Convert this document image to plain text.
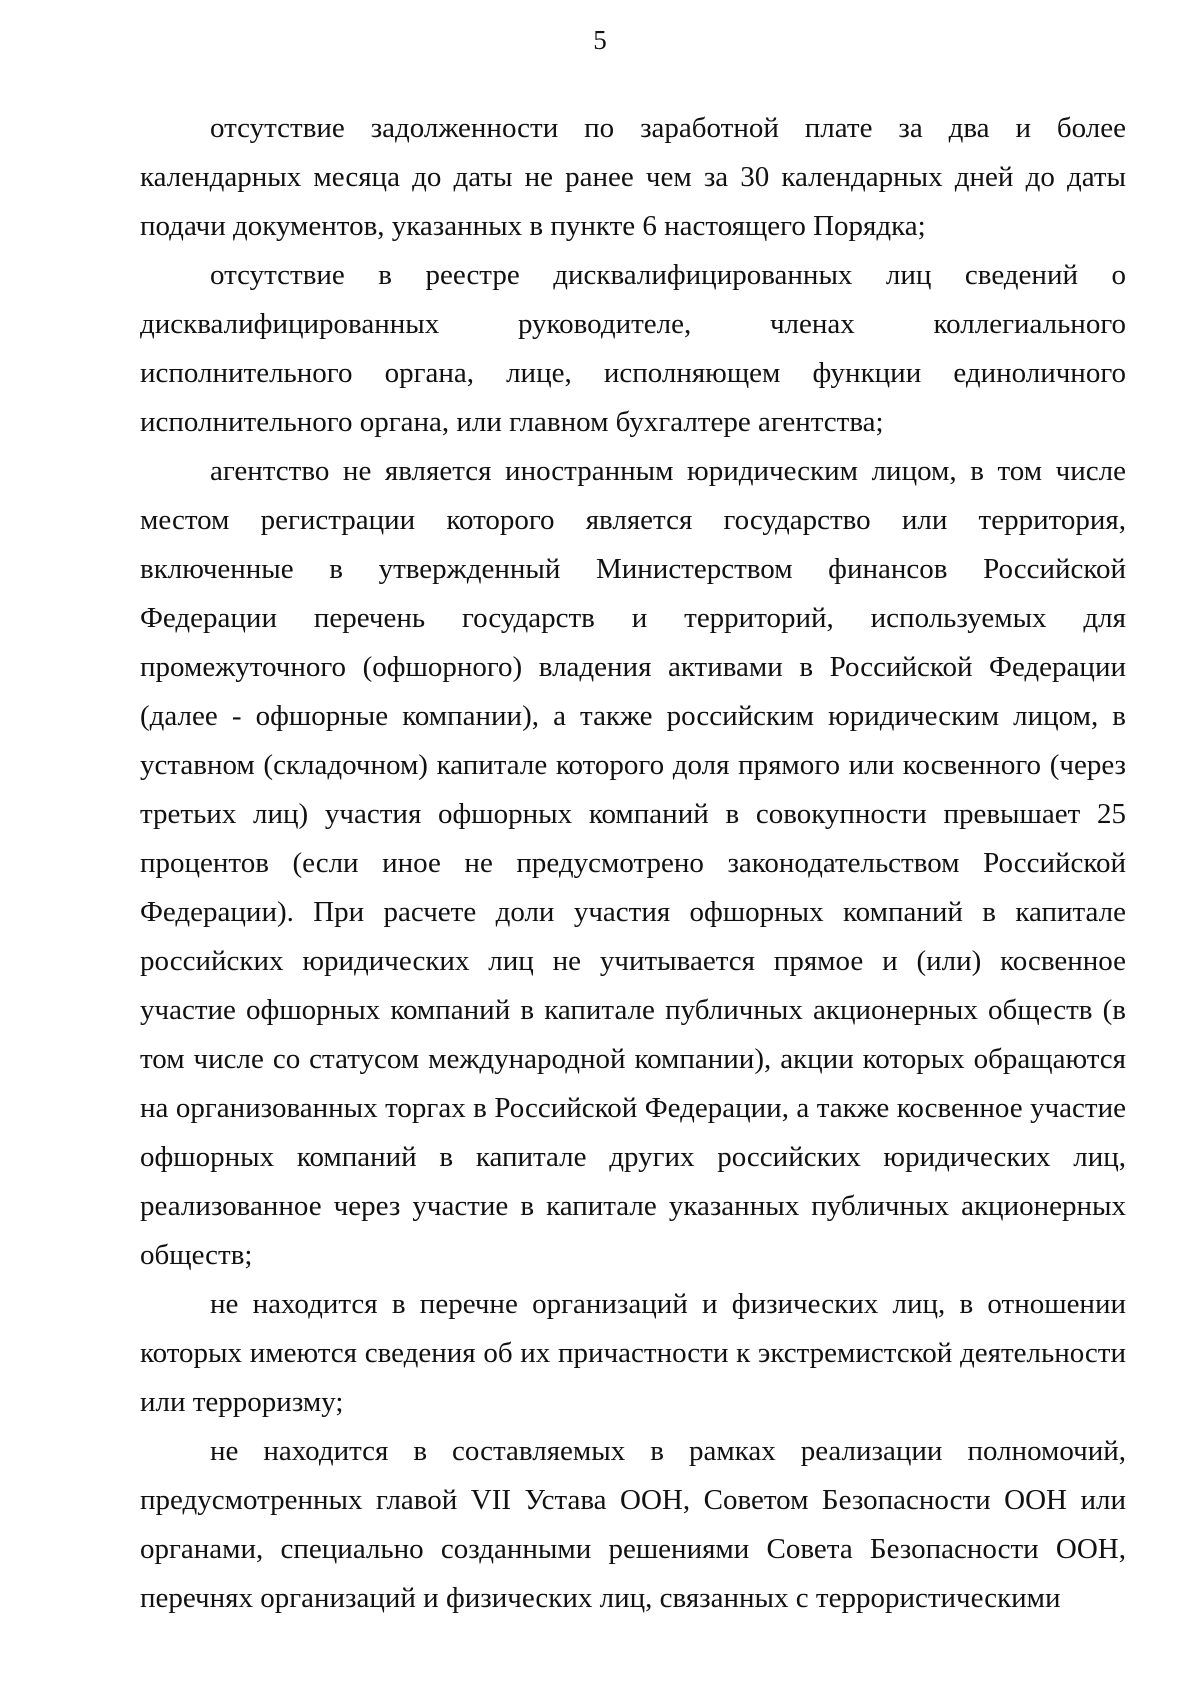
5

отсутствие задолженности по заработной плате за два и более календарных месяца до даты не ранее чем за 30 календарных дней до даты подачи документов, указанных в пункте 6 настоящего Порядка;

отсутствие в реестре дисквалифицированных лиц сведений о дисквалифицированных руководителе, членах коллегиального исполнительного органа, лице, исполняющем функции единоличного исполнительного органа, или главном бухгалтере агентства;

агентство не является иностранным юридическим лицом, в том числе местом регистрации которого является государство или территория, включенные в утвержденный Министерством финансов Российской Федерации перечень государств и территорий, используемых для промежуточного (офшорного) владения активами в Российской Федерации (далее - офшорные компании), а также российским юридическим лицом, в уставном (складочном) капитале которого доля прямого или косвенного (через третьих лиц) участия офшорных компаний в совокупности превышает 25 процентов (если иное не предусмотрено законодательством Российской Федерации). При расчете доли участия офшорных компаний в капитале российских юридических лиц не учитывается прямое и (или) косвенное участие офшорных компаний в капитале публичных акционерных обществ (в том числе со статусом международной компании), акции которых обращаются на организованных торгах в Российской Федерации, а также косвенное участие офшорных компаний в капитале других российских юридических лиц, реализованное через участие в капитале указанных публичных акционерных обществ;

не находится в перечне организаций и физических лиц, в отношении которых имеются сведения об их причастности к экстремистской деятельности или терроризму;

не находится в составляемых в рамках реализации полномочий, предусмотренных главой VII Устава ООН, Советом Безопасности ООН или органами, специально созданными решениями Совета Безопасности ООН, перечнях организаций и физических лиц, связанных с террористическими
